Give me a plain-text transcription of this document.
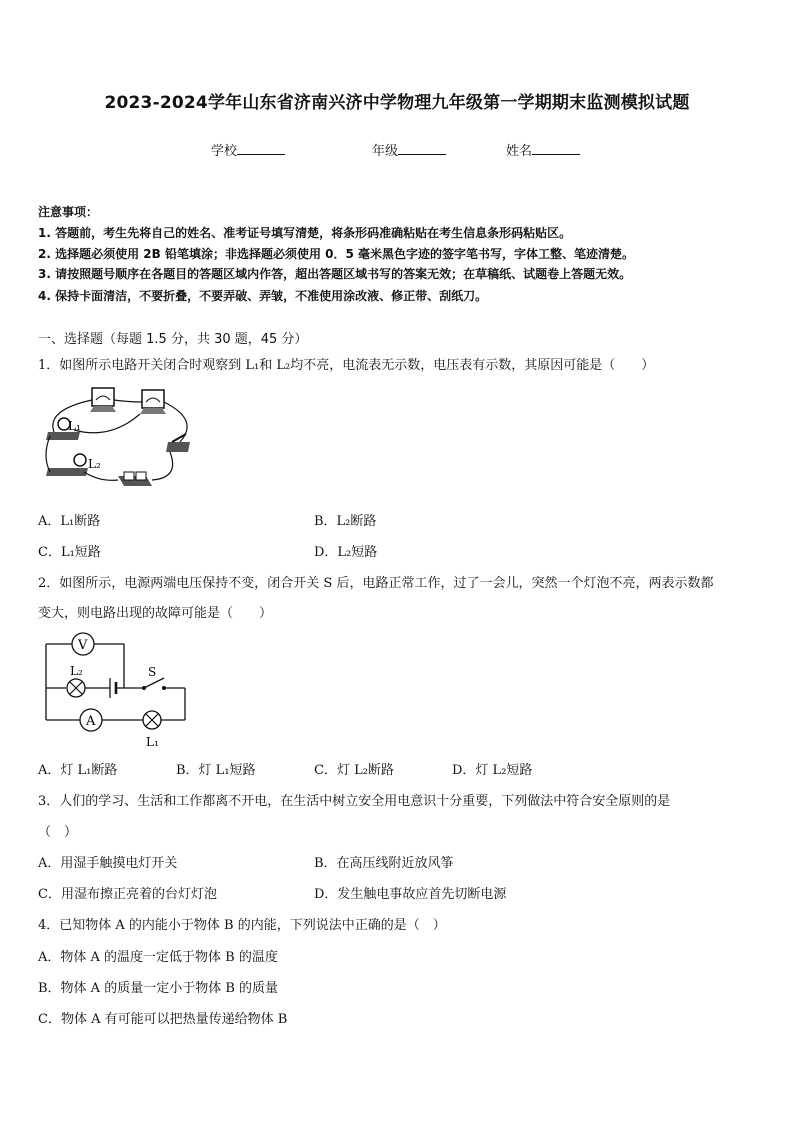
2023-2024学年山东省济南兴济中学物理九年级第一学期期末监测模拟试题
学校	年级	姓名
注意事项：
1. 答题前，考生先将自己的姓名、准考证号填写清楚，将条形码准确粘贴在考生信息条形码粘贴区。
2. 选择题必须使用 2B 铅笔填涂；非选择题必须使用 0．5 毫米黑色字迹的签字笔书写，字体工整、笔迹清楚。
3. 请按照题号顺序在各题目的答题区域内作答，超出答题区域书写的答案无效；在草稿纸、试题卷上答题无效。
4. 保持卡面清洁，不要折叠，不要弄破、弄皱，不准使用涂改液、修正带、刮纸刀。
一、选择题（每题 1.5 分，共 30 题，45 分）
1．如图所示电路开关闭合时观察到 L₁和 L₂均不亮，电流表无示数，电压表有示数，其原因可能是（　　）
L₁
L₂
A．L₁断路	B．L₂断路
C．L₁短路	D．L₂短路
2．如图所示，电源两端电压保持不变，闭合开关 S 后，电路正常工作，过了一会儿，突然一个灯泡不亮，两表示数都
变大，则电路出现的故障可能是（　　）
V
L₂	S
A
L₁
A．灯 L₁断路	B．灯 L₁短路	C．灯 L₂断路	D．灯 L₂短路
3．人们的学习、生活和工作都离不开电，在生活中树立安全用电意识十分重要，下列做法中符合安全原则的是
（　）
A．用湿手触摸电灯开关	B．在高压线附近放风筝
C．用湿布擦正亮着的台灯灯泡	D．发生触电事故应首先切断电源
4．已知物体 A 的内能小于物体 B 的内能，下列说法中正确的是（　）
A．物体 A 的温度一定低于物体 B 的温度
B．物体 A 的质量一定小于物体 B 的质量
C．物体 A 有可能可以把热量传递给物体 B
